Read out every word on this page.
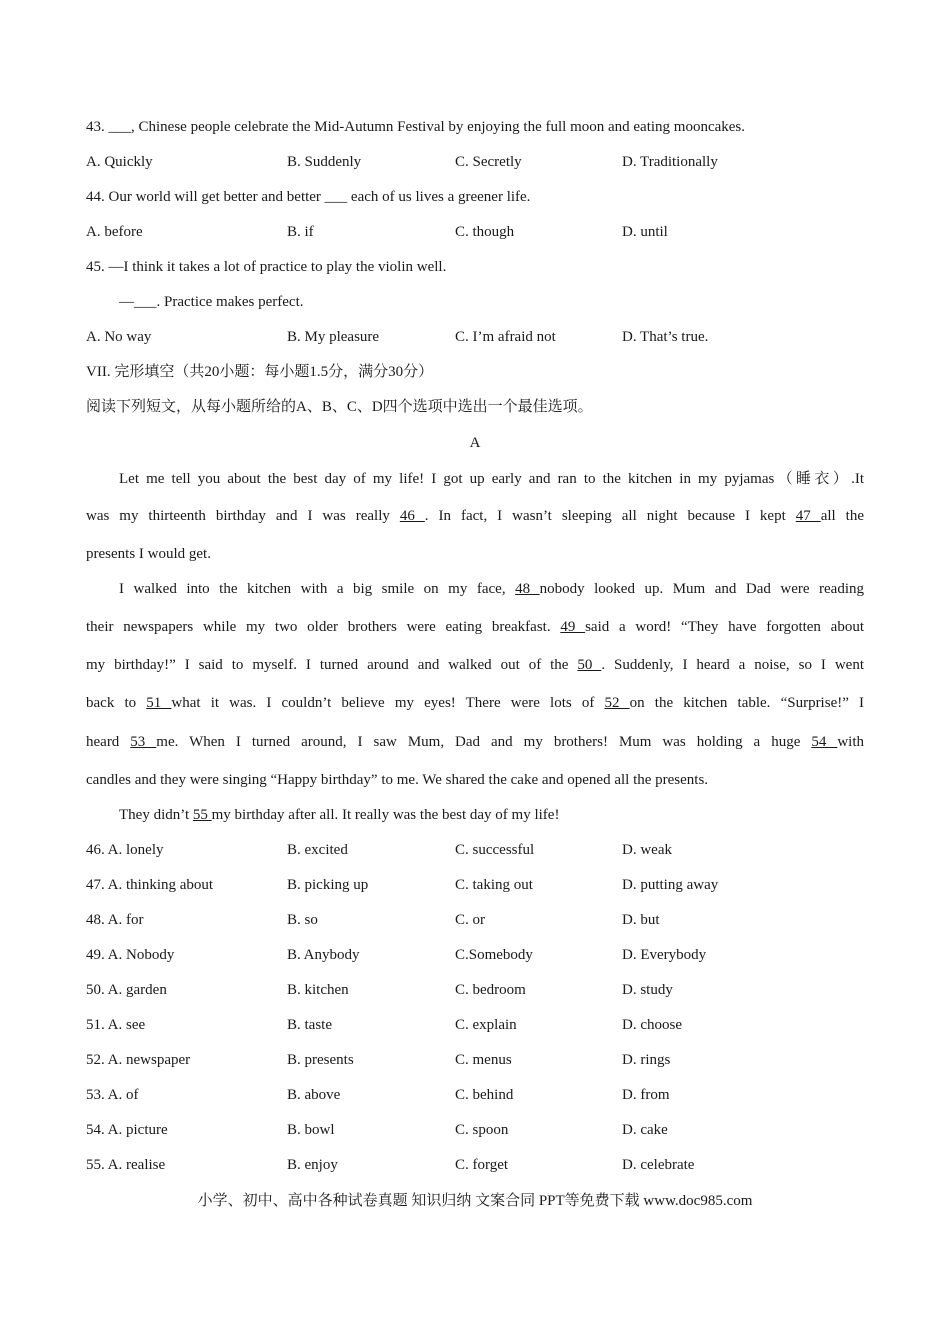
43. ___, Chinese people celebrate the Mid-Autumn Festival by enjoying the full moon and eating mooncakes.
A. Quickly	B. Suddenly	C. Secretly	D. Traditionally
44. Our world will get better and better ___ each of us lives a greener life.
A. before	B. if	C. though	D. until
45. —I think it takes a lot of practice to play the violin well.
—___. Practice makes perfect.
A. No way	B. My pleasure	C. I’m afraid not	D. That’s true.
VII. 完形填空（共20小题：每小题1.5分，满分30分）
阅读下列短文，从每小题所给的A、B、C、D四个选项中选出一个最佳选项。
A
Let me tell you about the best day of my life! I got up early and ran to the kitchen in my pyjamas（睡衣）.It
was my thirteenth birthday and I was really 46 . In fact, I wasn’t sleeping all night because I kept 47 all the
presents I would get.
I walked into the kitchen with a big smile on my face, 48 nobody looked up. Mum and Dad were reading
their newspapers while my two older brothers were eating breakfast. 49 said a word! “They have forgotten about
my birthday!” I said to myself. I turned around and walked out of the 50 . Suddenly, I heard a noise, so I went
back to 51 what it was. I couldn’t believe my eyes! There were lots of 52 on the kitchen table. “Surprise!” I
heard 53 me. When I turned around, I saw Mum, Dad and my brothers! Mum was holding a huge 54 with
candles and they were singing “Happy birthday” to me. We shared the cake and opened all the presents.
They didn’t 55 my birthday after all. It really was the best day of my life!
46. A. lonely	B. excited	C. successful	D. weak
47. A. thinking about	B. picking up	C. taking out	D. putting away
48. A. for	B. so	C. or	D. but
49. A. Nobody	B. Anybody	C.Somebody	D. Everybody
50. A. garden	B. kitchen	C. bedroom	D. study
51. A. see	B. taste	C. explain	D. choose
52. A. newspaper	B. presents	C. menus	D. rings
53. A. of	B. above	C. behind	D. from
54. A. picture	B. bowl	C. spoon	D. cake
55. A. realise	B. enjoy	C. forget	D. celebrate
小学、初中、高中各种试卷真题 知识归纳 文案合同 PPT等免费下载 www.doc985.com
